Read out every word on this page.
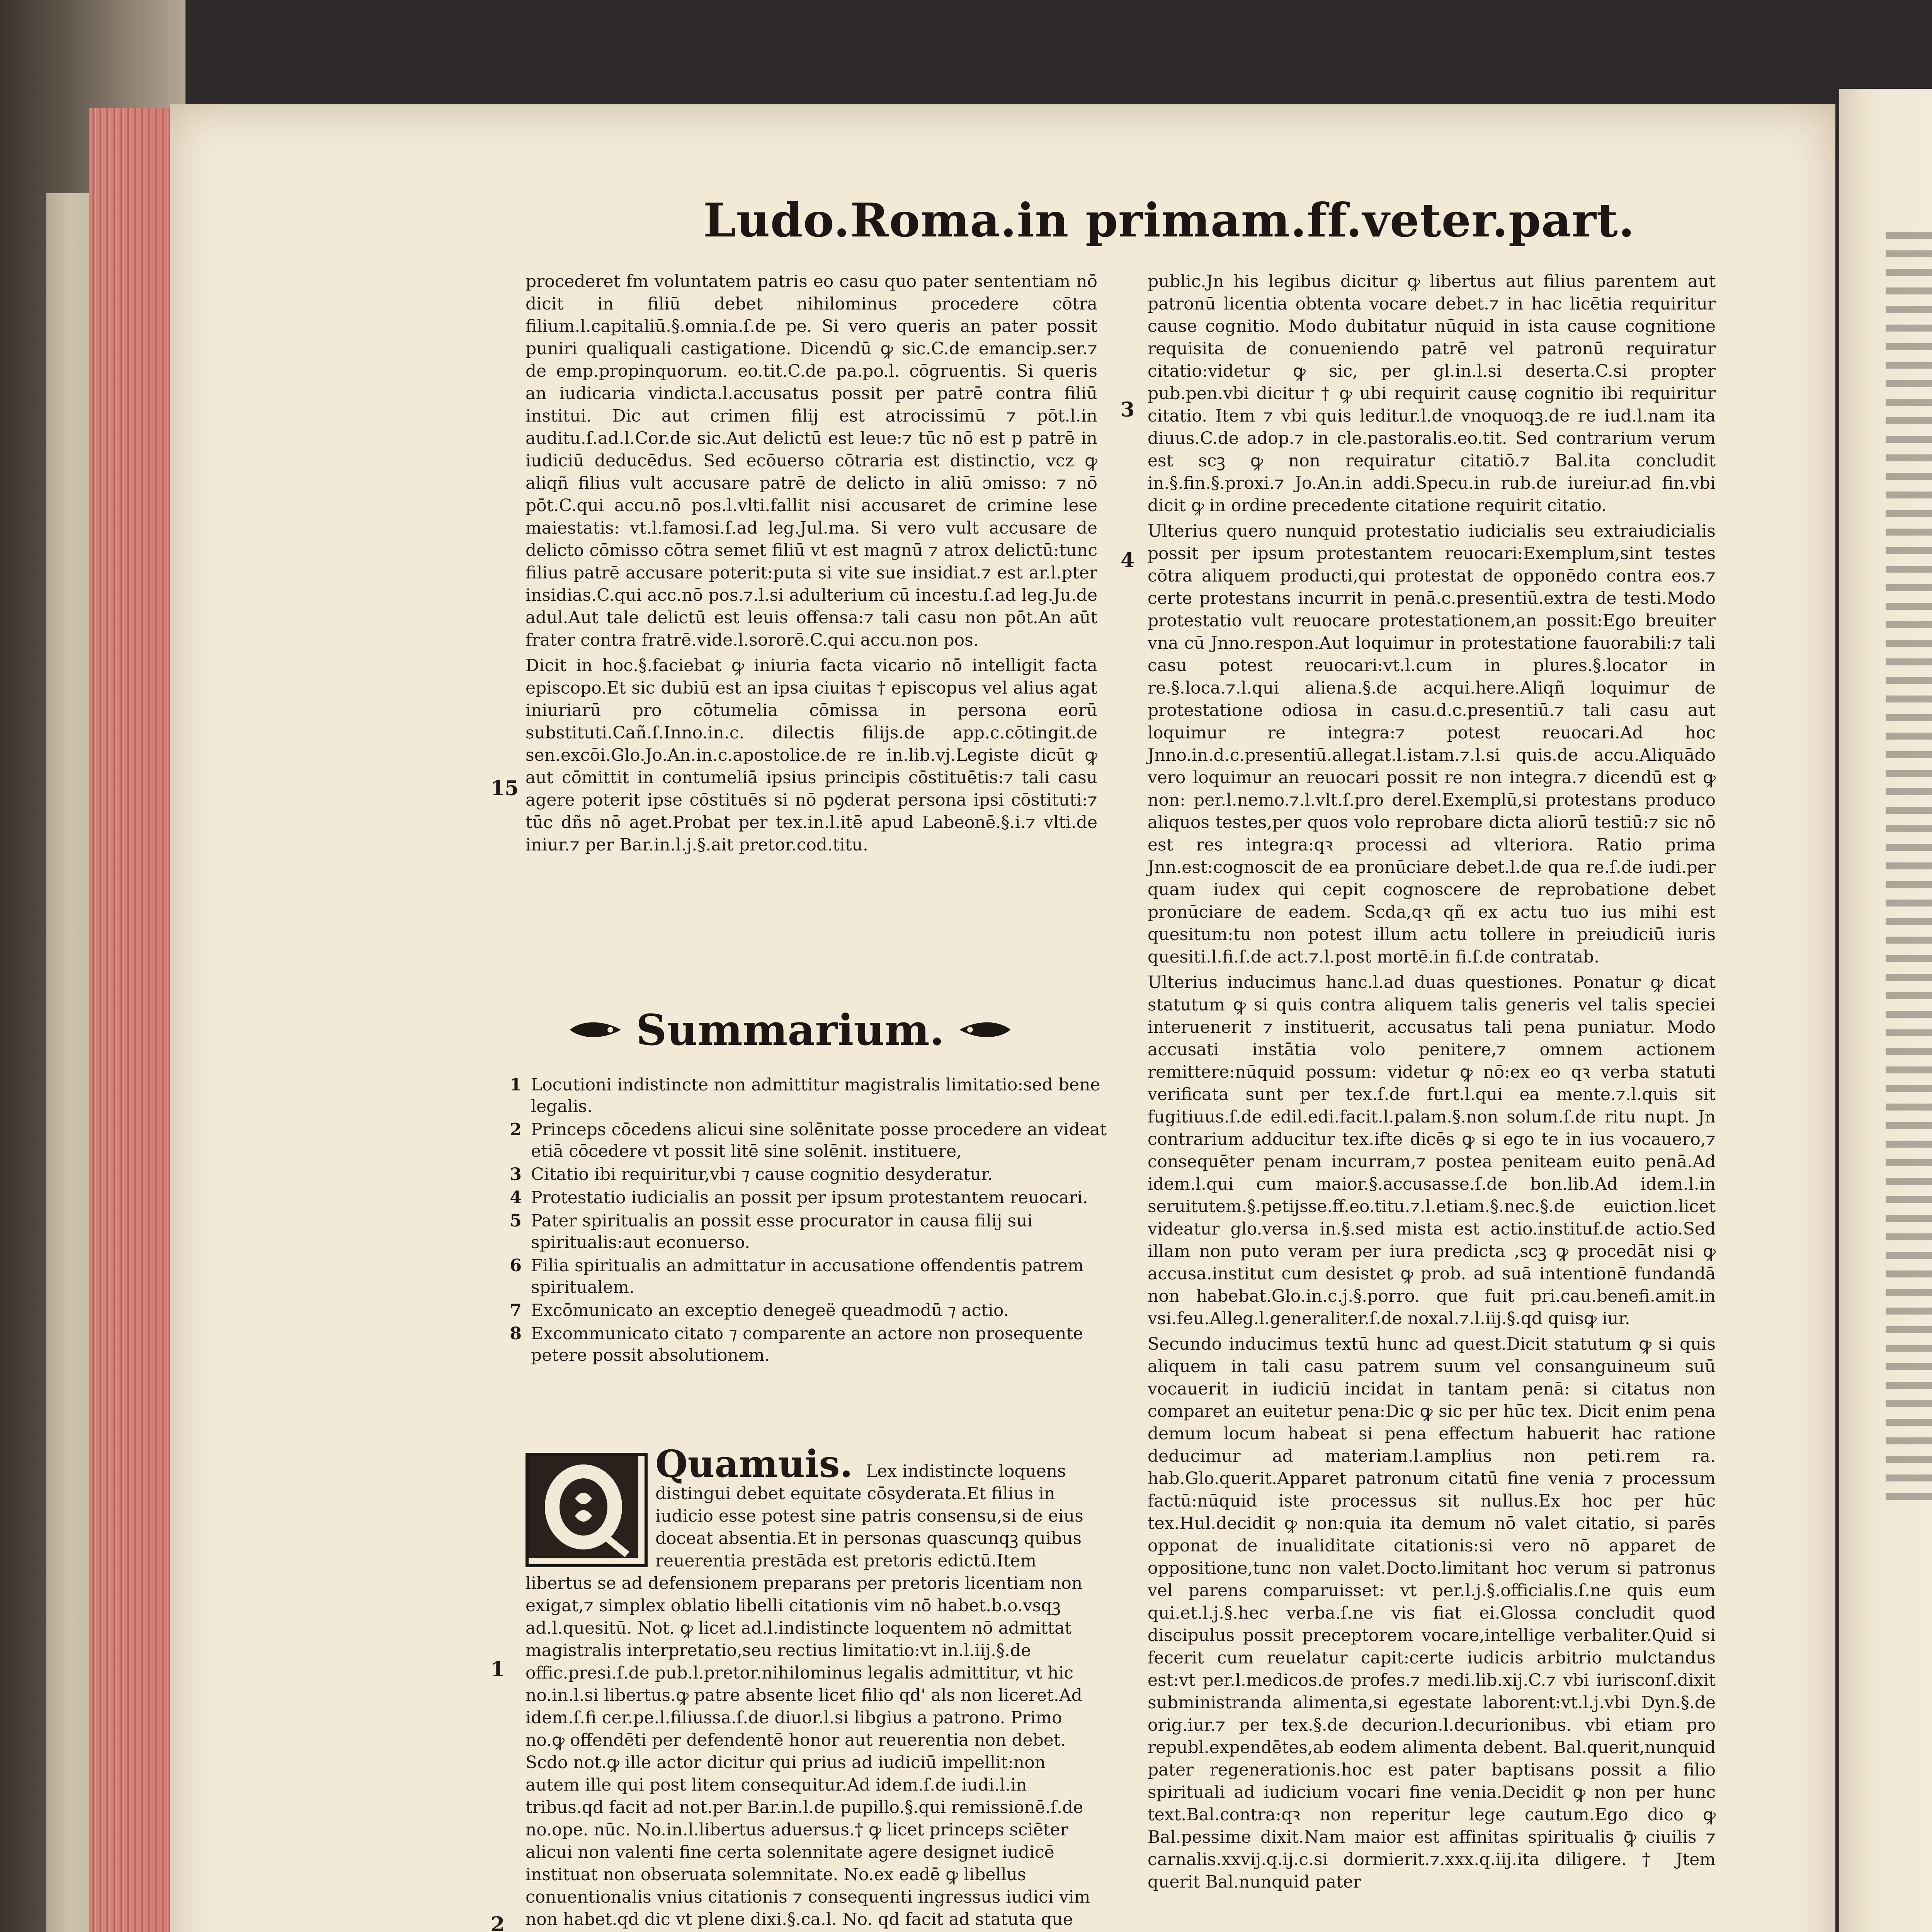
Ludo.Roma.in primam.ff.veter.part.

procederet fm voluntatem patris eo casu quo pater sententiam nō dicit in filiū debet nihilominus procedere cōtra filium.l.capitaliū.§.omnia.ſ.de pe. Si vero queris an pater possit puniri qualiquali castigatione. Dicendū ꝙ sic.C.de emancip.ser.⁊ de emp.propinquorum. eo.tit.C.de pa.po.l. cōgruentis. Si queris an iudicaria vindicta.l.accusatus possit per patrē contra filiū institui. Dic aut crimen filij est atrocissimū ⁊ pōt.l.in auditu.ſ.ad.l.Cor.de sic.Aut delictū est leue:⁊ tūc nō est p patrē in iudiciū deducēdus. Sed ecōuerso cōtraria est distinctio, vcz ꝙ aliqñ filius vult accusare patrē de delicto in aliū ɔmisso: ⁊ nō pōt.C.qui accu.nō pos.l.vlti.fallit nisi accusaret de crimine lese maiestatis: vt.l.famosi.ſ.ad leg.Jul.ma. Si vero vult accusare de delicto cōmisso cōtra semet filiū vt est magnū ⁊ atrox delictū:tunc filius patrē accusare poterit:puta si vite sue insidiat.⁊ est ar.l.pter insidias.C.qui acc.nō pos.⁊.l.si adulterium cū incestu.ſ.ad leg.Ju.de adul.Aut tale delictū est leuis offensa:⁊ tali casu non pōt.An aūt frater contra fratrē.vide.l.sororē.C.qui accu.non pos.

Dicit in hoc.§.faciebat ꝙ iniuria facta vicario nō intelligit facta episcopo.Et sic dubiū est an ipsa ciuitas † episcopus vel alius agat iniuriarū pro cōtumelia cōmissa in persona eorū substituti.Cañ.ſ.Inno.in.c. dilectis filijs.de app.c.cōtingit.de sen.excōi.Glo.Jo.An.in.c.apostolice.de re in.lib.vj.Legiste dicūt ꝙ aut cōmittit in contumeliā ipsius principis cōstituētis:⁊ tali casu agere poterit ipse cōstituēs si nō pꝯderat persona ipsi cōstituti:⁊ tūc dñs nō aget.Probat per tex.in.l.itē apud Labeonē.§.i.⁊ vlti.de iniur.⁊ per Bar.in.l.j.§.ait pretor.cod.titu.

Summarium.
1 Locutioni indistincte non admittitur magistralis limitatio:sed bene legalis.
2 Princeps cōcedens alicui sine solēnitate posse procedere an videat etiā cōcedere vt possit litē sine solēnit. instituere,
3 Citatio ibi requiritur,vbi ⁊ cause cognitio desyderatur.
4 Protestatio iudicialis an possit per ipsum protestantem reuocari.
5 Pater spiritualis an possit esse procurator in causa filij sui spiritualis:aut econuerso.
6 Filia spiritualis an admittatur in accusatione offendentis patrem spiritualem.
7 Excōmunicato an exceptio denegeë queadmodū ⁊ actio.
8 Excommunicato citato ⁊ comparente an actore non prosequente petere possit absolutionem.
Quamuis. Lex indistincte loquens distingui debet equitate cōsyderata.Et filius in iudicio esse potest sine patris consensu,si de eius doceat absentia.Et in personas quascunqꝫ quibus reuerentia prestāda est pretoris edictū.Item libertus se ad defensionem preparans per pretoris licentiam non exigat,⁊ simplex oblatio libelli citationis vim nō habet.b.o.vsqꝫ ad.l.quesitū. Not. ꝙ licet ad.l.indistincte loquentem nō admittat magistralis interpretatio,seu rectius limitatio:vt in.l.iij.§.de offic.presi.ſ.de pub.l.pretor.nihilominus legalis admittitur, vt hic no.in.l.si libertus.ꝙ patre absente licet filio qd' als non liceret.Ad idem.ſ.fi cer.pe.l.filiussa.ſ.de diuor.l.si libgius a patrono. Primo no.ꝙ offendēti per defendentē honor aut reuerentia non debet. Scdo not.ꝙ ille actor dicitur qui prius ad iudiciū impellit:non autem ille qui post litem consequitur.Ad idem.ſ.de iudi.l.in tribus.qd facit ad not.per Bar.in.l.de pupillo.§.qui remissionē.ſ.de no.ope. nūc. No.in.l.libertus aduersus.† ꝙ licet princeps sciēter alicui non valenti fine certa solennitate agere designet iudicē instituat non obseruata solemnitate. No.ex eadē ꝙ libellus conuentionalis vnius citationis ⁊ consequenti ingressus iudici vim non habet.qd dic vt plene dixi.§.ca.l. No. qd facit ad statuta que

public.Jn his legibus dicitur ꝙ libertus aut filius parentem aut patronū licentia obtenta vocare debet.⁊ in hac licētia requiritur cause cognitio. Modo dubitatur nūquid in ista cause cognitione requisita de conueniendo patrē vel patronū requiratur citatio:videtur ꝙ sic, per gl.in.l.si deserta.C.si propter pub.pen.vbi dicitur † ꝙ ubi requirit causę cognitio ibi requiritur citatio. Item ⁊ vbi quis leditur.l.de vnoquoqꝫ.de re iud.l.nam ita diuus.C.de adop.⁊ in cle.pastoralis.eo.tit. Sed contrarium verum est scꝫ ꝙ non requiratur citatiō.⁊ Bal.ita concludit in.§.fin.§.proxi.⁊ Jo.An.in addi.Specu.in rub.de iureiur.ad fin.vbi dicit ꝙ in ordine precedente citatione requirit citatio.

Ulterius quero nunquid protestatio iudicialis seu extraiudicialis possit per ipsum protestantem reuocari:Exemplum,sint testes cōtra aliquem producti,qui protestat de opponēdo contra eos.⁊ certe protestans incurrit in penā.c.presentiū.extra de testi.Modo protestatio vult reuocare protestationem,an possit:Ego breuiter vna cū Jnno.respon.Aut loquimur in protestatione fauorabili:⁊ tali casu potest reuocari:vt.l.cum in plures.§.locator in re.§.loca.⁊.l.qui aliena.§.de acqui.here.Aliqñ loquimur de protestatione odiosa in casu.d.c.presentiū.⁊ tali casu aut loquimur re integra:⁊ potest reuocari.Ad hoc Jnno.in.d.c.presentiū.allegat.l.istam.⁊.l.si quis.de accu.Aliquādo vero loquimur an reuocari possit re non integra.⁊ dicendū est ꝙ non: per.l.nemo.⁊.l.vlt.ſ.pro derel.Exemplū,si protestans produco aliquos testes,per quos volo reprobare dicta aliorū testiū:⁊ sic nō est res integra:qꝛ processi ad vlteriora. Ratio prima Jnn.est:cognoscit de ea pronūciare debet.l.de qua re.ſ.de iudi.per quam iudex qui cepit cognoscere de reprobatione debet pronūciare de eadem. Scda,qꝛ qñ ex actu tuo ius mihi est quesitum:tu non potest illum actu tollere in preiudiciū iuris quesiti.l.fi.ſ.de act.⁊.l.post mortē.in fi.ſ.de contratab.

Ulterius inducimus hanc.l.ad duas questiones. Ponatur ꝙ dicat statutum ꝙ si quis contra aliquem talis generis vel talis speciei interuenerit ⁊ instituerit, accusatus tali pena puniatur. Modo accusati instātia volo penitere,⁊ omnem actionem remittere:nūquid possum: videtur ꝙ nō:ex eo qꝛ verba statuti verificata sunt per tex.ſ.de furt.l.qui ea mente.⁊.l.quis sit fugitiuus.ſ.de edil.edi.facit.l.palam.§.non solum.ſ.de ritu nupt. Jn contrarium adducitur tex.ifte dicēs ꝙ si ego te in ius vocauero,⁊ consequēter penam incurram,⁊ postea peniteam euito penā.Ad idem.l.qui cum maior.§.accusasse.ſ.de bon.lib.Ad idem.l.in seruitutem.§.petijsse.ff.eo.titu.⁊.l.etiam.§.nec.§.de euiction.licet videatur glo.versa in.§.sed mista est actio.instituf.de actio.Sed illam non puto veram per iura predicta ,scꝫ ꝙ procedāt nisi ꝙ accusa.institut cum desistet ꝙ prob. ad suā intentionē fundandā non habebat.Glo.in.c.j.§.porro. que fuit pri.cau.benefi.amit.in vsi.feu.Alleg.l.generaliter.ſ.de noxal.⁊.l.iij.§.qd quisꝙ iur.

Secundo inducimus textū hunc ad quest.Dicit statutum ꝙ si quis aliquem in tali casu patrem suum vel consanguineum suū vocauerit in iudiciū incidat in tantam penā: si citatus non comparet an euitetur pena:Dic ꝙ sic per hūc tex. Dicit enim pena demum locum habeat si pena effectum habuerit hac ratione deducimur ad materiam.l.amplius non peti.rem ra. hab.Glo.querit.Apparet patronum citatū fine venia ⁊ processum factū:nūquid iste processus sit nullus.Ex hoc per hūc tex.Hul.decidit ꝙ non:quia ita demum nō valet citatio, si parēs opponat de inualiditate citationis:si vero nō apparet de oppositione,tunc non valet.Docto.limitant hoc verum si patronus vel parens comparuisset: vt per.l.j.§.officialis.ſ.ne quis eum qui.et.l.j.§.hec verba.ſ.ne vis fiat ei.Glossa concludit quod discipulus possit preceptorem vocare,intellige verbaliter.Quid si fecerit cum reuelatur capit:certe iudicis arbitrio mulctandus est:vt per.l.medicos.de profes.⁊ medi.lib.xij.C.⁊ vbi iurisconſ.dixit subministranda alimenta,si egestate laborent:vt.l.j.vbi Dyn.§.de orig.iur.⁊ per tex.§.de decurion.l.decurionibus. vbi etiam pro republ.expendētes,ab eodem alimenta debent. Bal.querit,nunquid pater regenerationis.hoc est pater baptisans possit a filio spirituali ad iudicium vocari fine venia.Decidit ꝙ non per hunc text.Bal.contra:qꝛ non reperitur lege cautum.Ego dico ꝙ Bal.pessime dixit.Nam maior est affinitas spiritualis ꝙ̄ ciuilis ⁊ carnalis.xxvij.q.ij.c.si dormierit.⁊.xxx.q.iij.ita diligere. † Jtem querit Bal.nunquid pater

15
1
2
3
4
